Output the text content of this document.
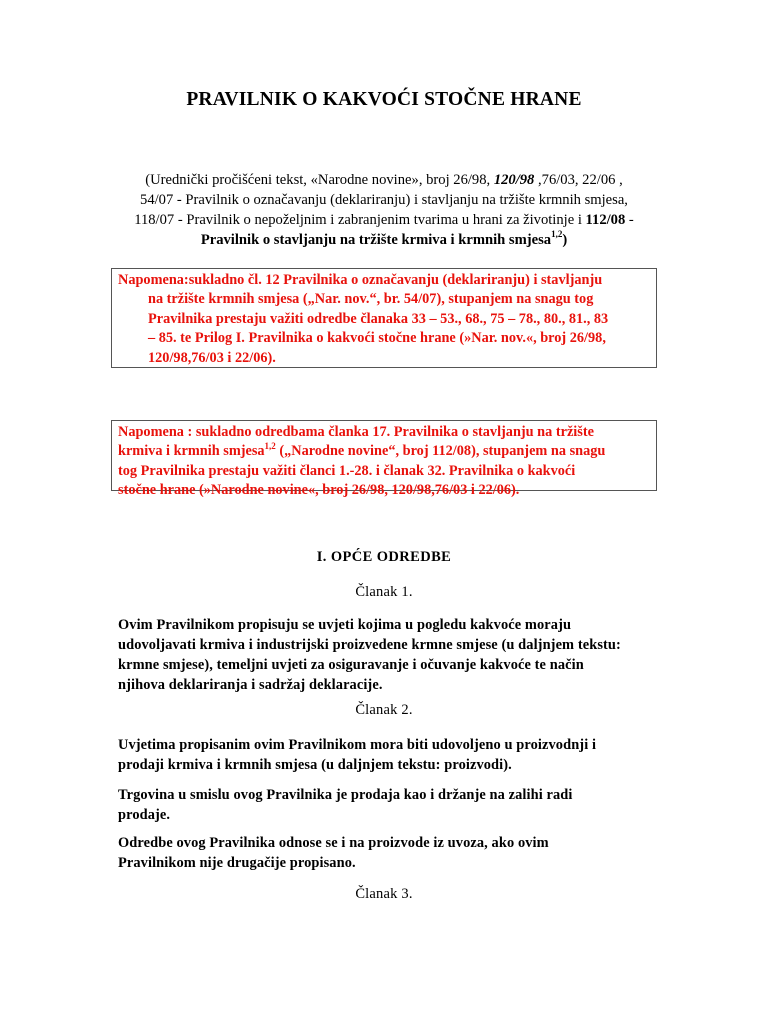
PRAVILNIK O KAKVOĆI STOČNE HRANE
(Urednički pročišćeni tekst, «Narodne novine», broj 26/98, 120/98 ,76/03, 22/06 ,
54/07 - Pravilnik o označavanju (deklariranju) i stavljanju na tržište krmnih smjesa,
118/07 - Pravilnik o nepoželjnim i zabranjenim tvarima u hrani za životinje i 112/08 -
Pravilnik o stavljanju na tržište krmiva i krmnih smjesa$^{1,2}$)
Napomena:sukladno čl. 12 Pravilnika o označavanju (deklariranju) i stavljanju
na tržište krmnih smjesa („Nar. nov.“, br. 54/07), stupanjem na snagu tog
Pravilnika prestaju važiti odredbe članaka 33 – 53., 68., 75 – 78., 80., 81., 83
– 85. te Prilog I. Pravilnika o kakvoći stočne hrane (»Nar. nov.«, broj 26/98,
120/98,76/03 i 22/06).
Napomena : sukladno odredbama članka 17. Pravilnika o stavljanju na tržište
krmiva i krmnih smjesa$^{1,2}$ („Narodne novine“, broj 112/08), stupanjem na snagu
tog Pravilnika prestaju važiti članci 1.-28. i članak 32. Pravilnika o kakvoći
stočne hrane (»Narodne novine«, broj 26/98, 120/98,76/03 i 22/06).
I. OPĆE ODREDBE
Članak 1.
Ovim Pravilnikom propisuju se uvjeti kojima u pogledu kakvoće moraju
udovoljavati krmiva i industrijski proizvedene krmne smjese (u daljnjem tekstu:
krmne smjese), temeljni uvjeti za osiguravanje i očuvanje kakvoće te način
njihova deklariranja i sadržaj deklaracije.
Članak 2.
Uvjetima propisanim ovim Pravilnikom mora biti udovoljeno u proizvodnji i
prodaji krmiva i krmnih smjesa (u daljnjem tekstu: proizvodi).
Trgovina u smislu ovog Pravilnika je prodaja kao i držanje na zalihi radi
prodaje.
Odredbe ovog Pravilnika odnose se i na proizvode iz uvoza, ako ovim
Pravilnikom nije drugačije propisano.
Članak 3.
